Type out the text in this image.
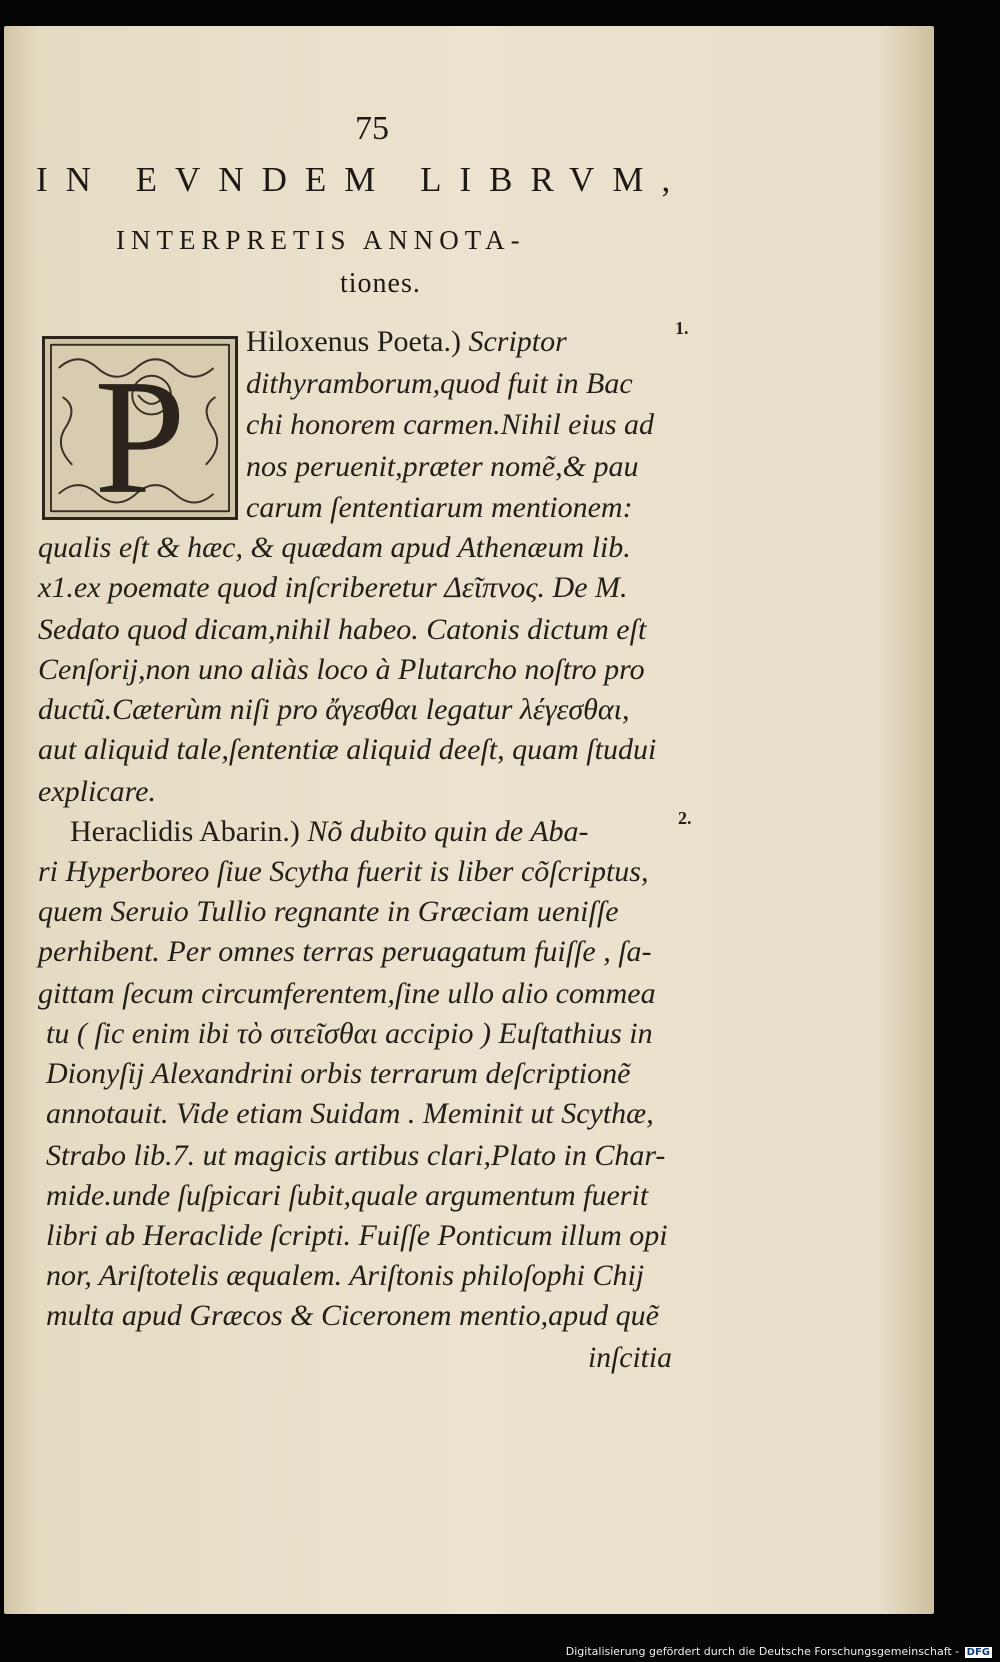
75
IN EVNDEM LIBRVM,
INTERPRETIS ANNOTA-
tiones.
P
Hiloxenus Poeta.) Scriptor
dithyramborum,quod fuit in Bac
chi honorem carmen.Nihil eius ad
nos peruenit,præter nomẽ,& pau
carum ſententiarum mentionem:
qualis eſt & hæc, & quædam apud Athenæum lib.
x1.ex poemate quod inſcriberetur Δεῖπνος. De M.
Sedato quod dicam,nihil habeo. Catonis dictum eſt
Cenſorij,non uno aliàs loco à Plutarcho noſtro pro
ductũ.Cæterùm niſi pro ἄγεσθαι legatur λέγεσθαι,
aut aliquid tale,ſententiæ aliquid deeſt, quam ſtudui
explicare.
Heraclidis Abarin.) Nõ dubito quin de Aba-
ri Hyperboreo ſiue Scytha fuerit is liber cõſcriptus,
quem Seruio Tullio regnante in Græciam ueniſſe
perhibent. Per omnes terras peruagatum fuiſſe , ſa-
gittam ſecum circumferentem,ſine ullo alio commea
tu ( ſic enim ibi τὸ σιτεῖσθαι accipio ) Euſtathius in
Dionyſij Alexandrini orbis terrarum deſcriptionẽ
annotauit. Vide etiam Suidam . Meminit ut Scythæ,
Strabo lib.7. ut magicis artibus clari,Plato in Char-
mide.unde ſuſpicari ſubit,quale argumentum fuerit
libri ab Heraclide ſcripti. Fuiſſe Ponticum illum opi
nor, Ariſtotelis æqualem. Ariſtonis philoſophi Chij
multa apud Græcos & Ciceronem mentio,apud quẽ
inſcitia
1.
2.
Digitalisierung gefördert durch die Deutsche Forschungsgemeinschaft - DFG
